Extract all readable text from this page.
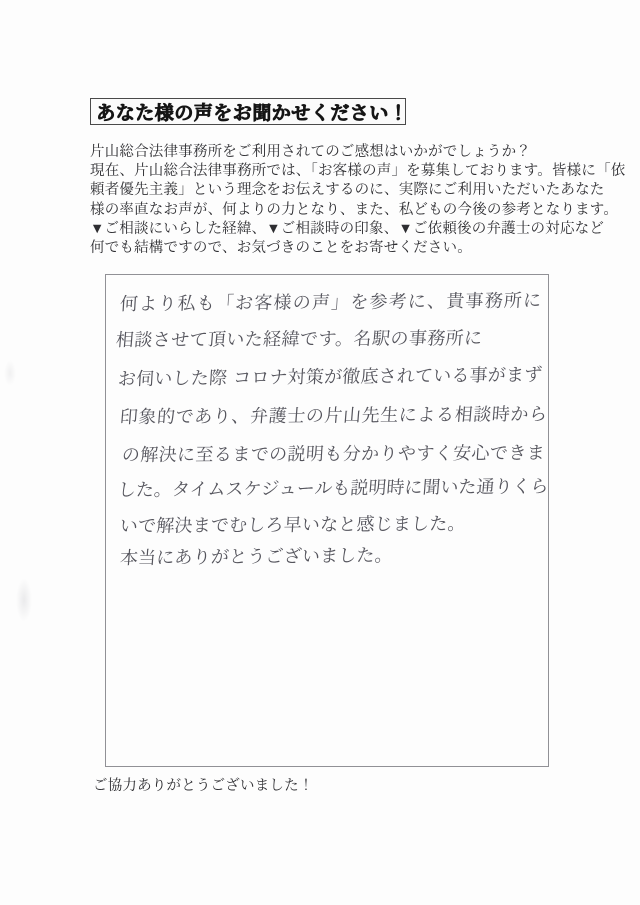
あなた様の声をお聞かせください！
片山総合法律事務所をご利用されてのご感想はいかがでしょうか？
現在、片山総合法律事務所では、「お客様の声」を募集しております。皆様に「依
頼者優先主義」という理念をお伝えするのに、実際にご利用いただいたあなた
様の率直なお声が、何よりの力となり、また、私どもの今後の参考となります。
▼ご相談にいらした経緯、▼ご相談時の印象、▼ご依頼後の弁護士の対応など
何でも結構ですので、お気づきのことをお寄せください。
何より私も「お客様の声」を参考に、貴事務所に
相談させて頂いた経緯です。名駅の事務所に
お伺いした際 コロナ対策が徹底されている事がまず
印象的であり、弁護士の片山先生による相談時から
の解決に至るまでの説明も分かりやすく安心できま
した。タイムスケジュールも説明時に聞いた通りくら
いで解決までむしろ早いなと感じました。
本当にありがとうございました。
ご協力ありがとうございました！
